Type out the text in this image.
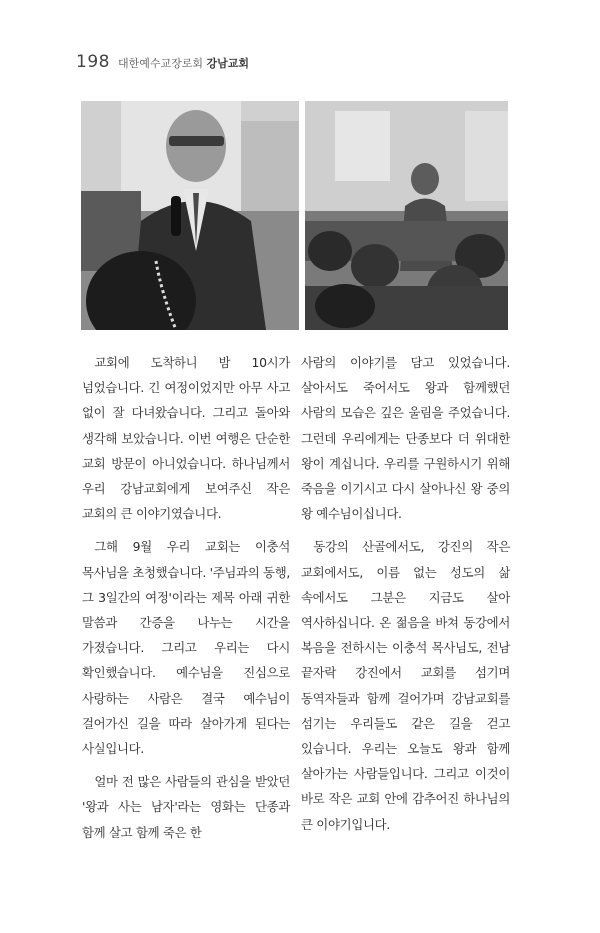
198 대한예수교장로회 강남교회

교회에 도착하니 밤 10시가 넘었습니다. 긴 여정이었지만 아무 사고 없이 잘 다녀왔습니다. 그리고 돌아와 생각해 보았습니다. 이번 여행은 단순한 교회 방문이 아니었습니다. 하나님께서 우리 강남교회에게 보여주신 작은 교회의 큰 이야기였습니다.

그해 9월 우리 교회는 이충석 목사님을 초청했습니다. '주님과의 동행, 그 3일간의 여정'이라는 제목 아래 귀한 말씀과 간증을 나누는 시간을 가졌습니다. 그리고 우리는 다시 확인했습니다. 예수님을 진심으로 사랑하는 사람은 결국 예수님이 걸어가신 길을 따라 살아가게 된다는 사실입니다.

얼마 전 많은 사람들의 관심을 받았던 '왕과 사는 남자'라는 영화는 단종과 함께 살고 함께 죽은 한

사람의 이야기를 담고 있었습니다. 살아서도 죽어서도 왕과 함께했던 사람의 모습은 깊은 울림을 주었습니다. 그런데 우리에게는 단종보다 더 위대한 왕이 계십니다. 우리를 구원하시기 위해 죽음을 이기시고 다시 살아나신 왕 중의 왕 예수님이십니다.

동강의 산골에서도, 강진의 작은 교회에서도, 이름 없는 성도의 삶 속에서도 그분은 지금도 살아 역사하십니다. 온 젊음을 바쳐 동강에서 복음을 전하시는 이충석 목사님도, 전남 끝자락 강진에서 교회를 섬기며 동역자들과 함께 걸어가며 강남교회를 섬기는 우리들도 같은 길을 걷고 있습니다. 우리는 오늘도 왕과 함께 살아가는 사람들입니다. 그리고 이것이 바로 작은 교회 안에 감추어진 하나님의 큰 이야기입니다.
